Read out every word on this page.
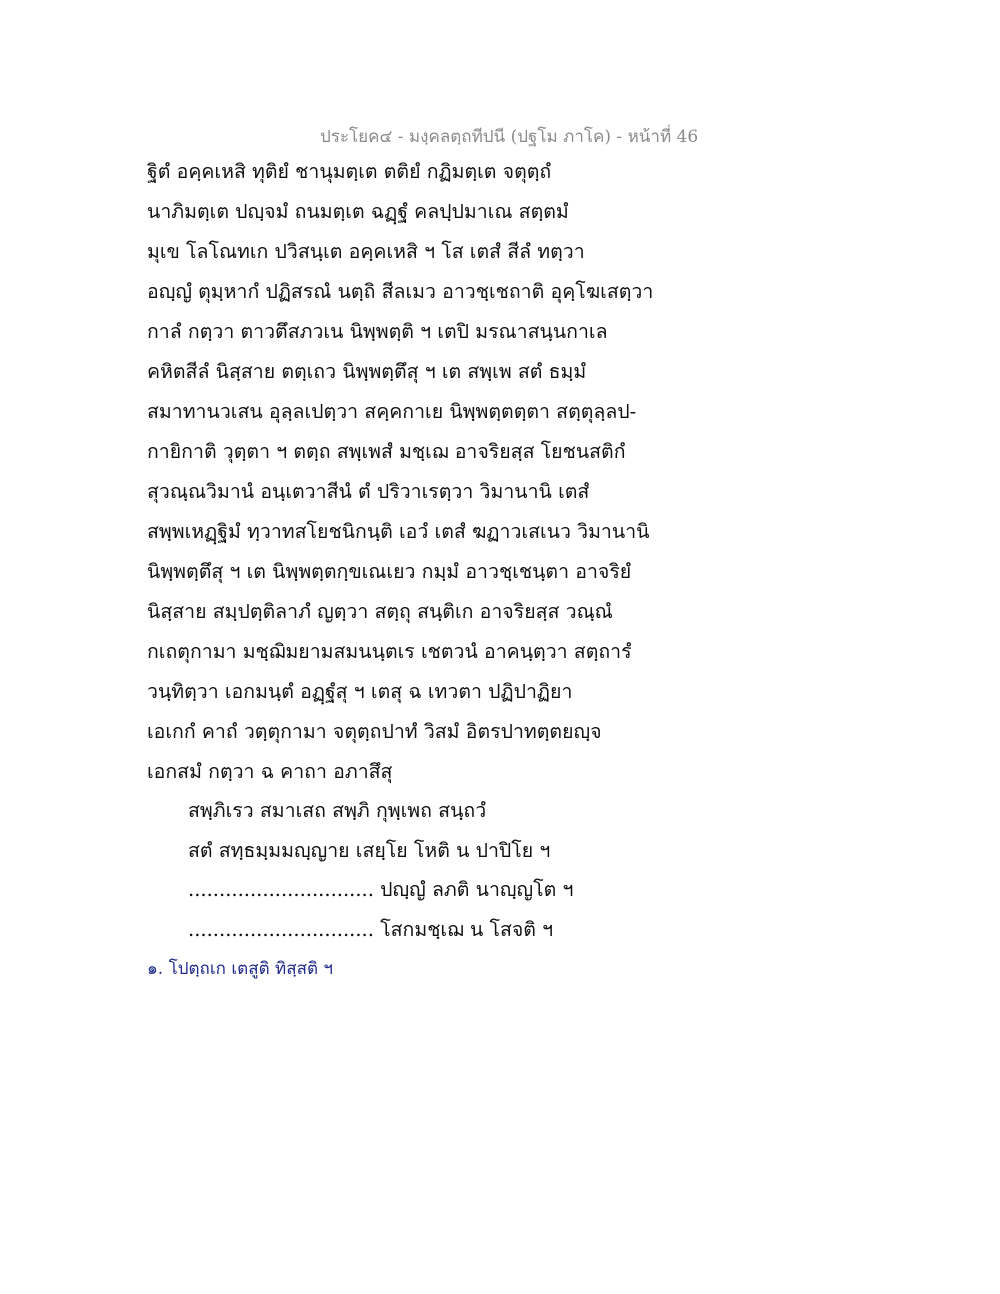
ประโยค๔ - มงฺคลตฺถทีปนี (ปฐโม ภาโค) - หน้าที่ 46
ฐิตํ อคฺคเหสิ ทุติยํ ชานุมตฺเต ตติยํ กฏิมตฺเต จตุตฺถํ
นาภิมตฺเต ปญฺจมํ ถนมตฺเต ฉฏฺฐํ คลปฺปมาเณ สตฺตมํ
มุเข โลโณทเก ปวิสนฺเต อคฺคเหสิ ฯ โส เตสํ สีลํ ทตฺวา
อญฺญํ ตุมฺหากํ ปฏิสรณํ นตฺถิ สีลเมว อาวชฺเชถาติ อุคฺโฆเสตฺวา
กาลํ กตฺวา ตาวตึสภวเน นิพฺพตฺติ ฯ เตปิ มรณาสนฺนกาเล
คหิตสีลํ นิสฺสาย ตตฺเถว นิพฺพตฺตึสุ ฯ เต สพฺเพ สตํ ธมฺมํ
สมาทานวเสน อุลฺลเปตฺวา สคฺคกาเย นิพฺพตฺตตฺตา สตฺตุลฺลป-
กายิกาติ วุตฺตา ฯ ตตฺถ สพฺเพสํ มชฺเฌ อาจริยสฺส โยชนสติกํ
สุวณฺณวิมานํ อนฺเตวาสีนํ ตํ ปริวาเรตฺวา วิมานานิ เตสํ
สพฺพเหฏฺฐิมํ ทฺวาทสโยชนิกนฺติ เอวํ เตสํ ฆฏาวเสเนว วิมานานิ
นิพฺพตฺตึสุ ฯ เต นิพฺพตฺตกฺขเณเยว กมฺมํ อาวชฺเชนฺตา อาจริยํ
นิสฺสาย สมฺปตฺติลาภํ ญตฺวา สตฺถุ สนฺติเก อาจริยสฺส วณฺณํ
กเถตุกามา มชฺฌิมยามสมนนฺตเร เชตวนํ อาคนฺตฺวา สตฺถารํ
วนฺทิตฺวา เอกมนฺตํ อฏฺฐํสุ ฯ เตสุ ฉ เทวตา ปฏิปาฏิยา
เอเกกํ คาถํ วตฺตุกามา จตุตฺถปาทํ วิสมํ อิตรปาทตฺตยญฺจ
เอกสมํ กตฺวา ฉ คาถา อภาสึสุ
สพฺภิเรว สมาเสถ สพฺภิ กุพฺเพถ สนฺถวํ
สตํ สทฺธมฺมมญฺญาย เสยฺโย โหติ น ปาปิโย ฯ
.............................. ปญฺญํ ลภติ นาญฺญโต ฯ
.............................. โสกมชฺเฌ น โสจติ ฯ
๑. โปตฺถเก เตสูติ ทิสฺสติ ฯ
